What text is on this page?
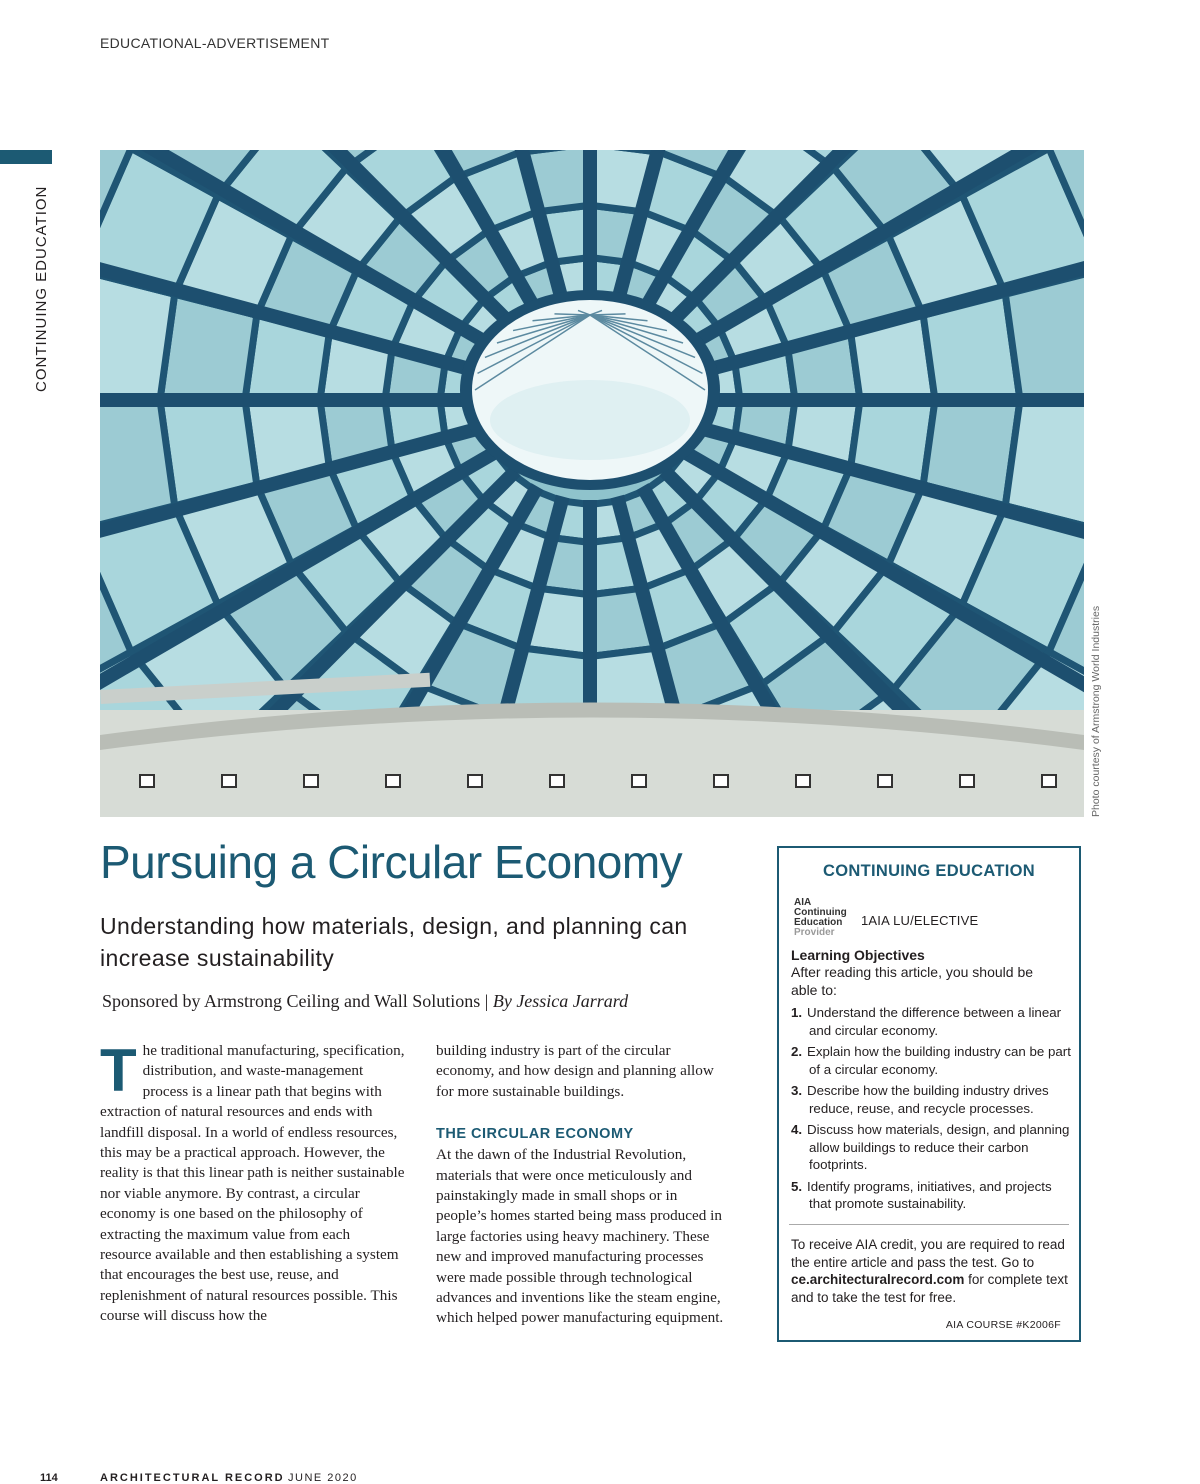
EDUCATIONAL-ADVERTISEMENT
CONTINUING EDUCATION
Photo courtesy of Armstrong World Industries
Pursuing a Circular Economy
Understanding how materials, design, and planning can increase sustainability
Sponsored by Armstrong Ceiling and Wall Solutions | By Jessica Jarrard
T he traditional manufacturing, specification, distribution, and waste-management process is a linear path that begins with extraction of natural resources and ends with landfill disposal. In a world of endless resources, this may be a practical approach. However, the reality is that this linear path is neither sustainable nor viable anymore. By contrast, a circular economy is one based on the philosophy of extracting the maximum value from each resource available and then establishing a system that encourages the best use, reuse, and replenishment of natural resources possible. This course will discuss how the

building industry is part of the circular economy, and how design and planning allow for more sustainable buildings.

THE CIRCULAR ECONOMY

At the dawn of the Industrial Revolution, materials that were once meticulously and painstakingly made in small shops or in people’s homes started being mass produced in large factories using heavy machinery. These new and improved manufacturing processes were made possible through technological advances and inventions like the steam engine, which helped power manufacturing equipment.

CONTINUING EDUCATION
AIA
Continuing
Education
Provider
1AIA LU/ELECTIVE
Learning Objectives
After reading this article, you should be able to:
1. Understand the difference between a linear and circular economy.
2. Explain how the building industry can be part of a circular economy.
3. Describe how the building industry drives reduce, reuse, and recycle processes.
4. Discuss how materials, design, and planning allow buildings to reduce their carbon footprints.
5. Identify programs, initiatives, and projects that promote sustainability.
To receive AIA credit, you are required to read the entire article and pass the test. Go to ce.architecturalrecord.com for complete text and to take the test for free.
AIA COURSE #K2006F
114	ARCHITECTURAL RECORD JUNE 2020
